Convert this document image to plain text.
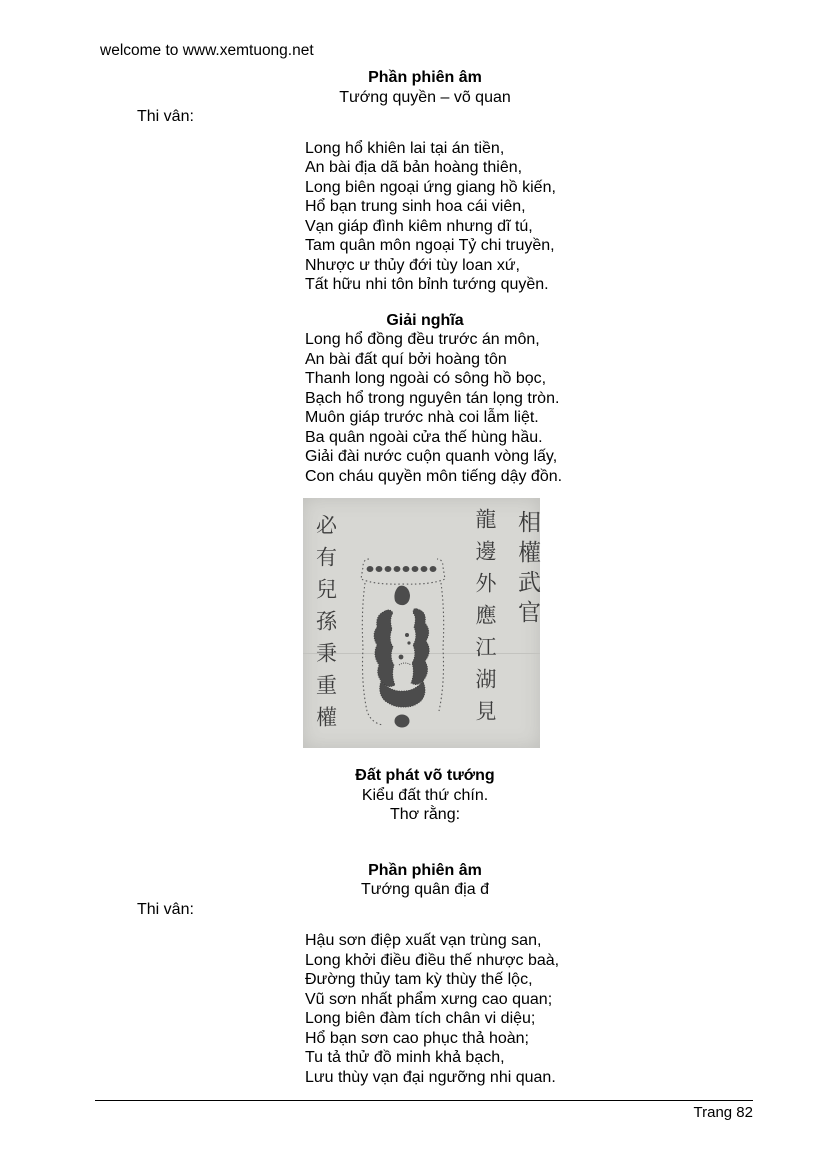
welcome to www.xemtuong.net
Phần phiên âm
Tướng quyền – võ quan
Thi vân:
Long hổ khiên lai tại án tiền,
An bài địa dã bản hoàng thiên,
Long biên ngoại ứng giang hồ kiến,
Hổ bạn trung sinh hoa cái viên,
Vạn giáp đình kiêm nhưng dĩ tú,
Tam quân môn ngoại Tỷ chi truyền,
Nhược ư thủy đới tùy loan xứ,
Tất hữu nhi tôn bỉnh tướng quyền.
Giải nghĩa
Long hổ đồng đều trước án môn,
An bài đất quí bởi hoàng tôn
Thanh long ngoài có sông hồ bọc,
Bạch hổ trong nguyên tán lọng tròn.
Muôn giáp trước nhà coi lẫm liệt.
Ba quân ngoài cửa thế hùng hầu.
Giải đài nước cuộn quanh vòng lấy,
Con cháu quyền môn tiếng dậy đồn.
相權武官
龍邊外應江湖見
必有兒孫秉重權
Đất phát võ tướng
Kiểu đất thứ chín.
Thơ rằng:
Phần phiên âm
Tướng quân địa đ
Thi vân:
Hậu sơn điệp xuất vạn trùng san,
Long khởi điều điều thế nhược baà,
Đường thủy tam kỳ thùy thế lộc,
Vũ sơn nhất phẩm xưng cao quan;
Long biên đàm tích chân vi diệu;
Hổ bạn sơn cao phục thả hoàn;
Tu tả thử đồ minh khả bạch,
Lưu thùy vạn đại ngưỡng nhi quan.
Trang 82
